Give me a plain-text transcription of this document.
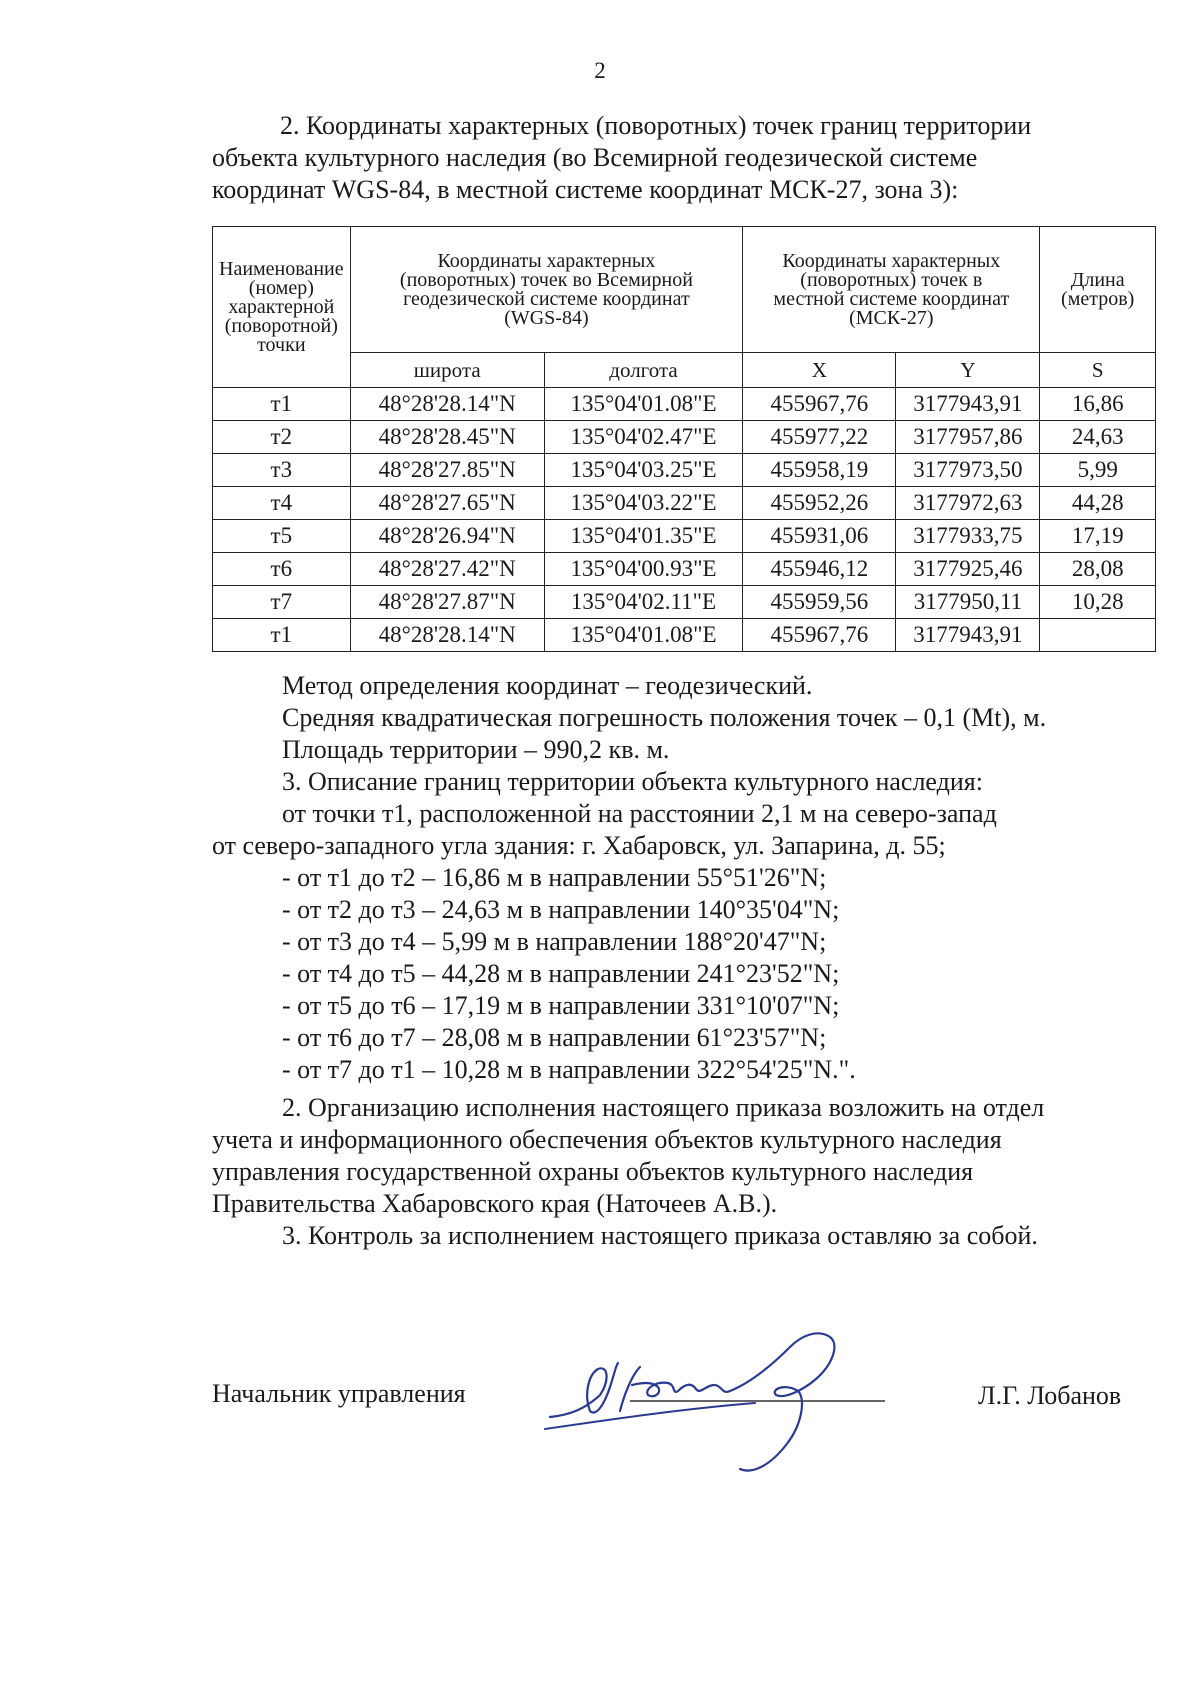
2

2. Координаты характерных (поворотных) точек границ территории

объекта культурного наследия (во Всемирной геодезической системе

координат WGS-84, в местной системе координат МСК-27, зона 3):

Наименование (номер) характерной (поворотной) точки	Координаты характерных (поворотных) точек во Всемирной геодезической системе координат (WGS-84)		Координаты характерных (поворотных) точек в местной системе координат (МСК-27)		Длина (метров)
	широта	долгота	X	Y	S
т1	48°28'28.14"N	135°04'01.08"E	455967,76	3177943,91	16,86
т2	48°28'28.45"N	135°04'02.47"E	455977,22	3177957,86	24,63
т3	48°28'27.85"N	135°04'03.25"E	455958,19	3177973,50	5,99
т4	48°28'27.65"N	135°04'03.22"E	455952,26	3177972,63	44,28
т5	48°28'26.94"N	135°04'01.35"E	455931,06	3177933,75	17,19
т6	48°28'27.42"N	135°04'00.93"E	455946,12	3177925,46	28,08
т7	48°28'27.87"N	135°04'02.11"E	455959,56	3177950,11	10,28
т1	48°28'28.14"N	135°04'01.08"E	455967,76	3177943,91	

Метод определения координат – геодезический.

Средняя квадратическая погрешность положения точек – 0,1 (Mt), м.

Площадь территории – 990,2 кв. м.

3. Описание границ территории объекта культурного наследия:

от точки т1, расположенной на расстоянии 2,1 м на северо-запад

от северо-западного угла здания: г. Хабаровск, ул. Запарина, д. 55;

- от т1 до т2 – 16,86 м в направлении 55°51'26"N;

- от т2 до т3 – 24,63 м в направлении 140°35'04"N;

- от т3 до т4 – 5,99 м в направлении 188°20'47"N;

- от т4 до т5 – 44,28 м в направлении 241°23'52"N;

- от т5 до т6 – 17,19 м в направлении 331°10'07"N;

- от т6 до т7 – 28,08 м в направлении 61°23'57"N;

- от т7 до т1 – 10,28 м в направлении 322°54'25"N.".

2. Организацию исполнения настоящего приказа возложить на отдел

учета и информационного обеспечения объектов культурного наследия

управления государственной охраны объектов культурного наследия

Правительства Хабаровского края (Наточеев А.В.).

3. Контроль за исполнением настоящего приказа оставляю за собой.

Начальник управления	Л.Г. Лобанов
